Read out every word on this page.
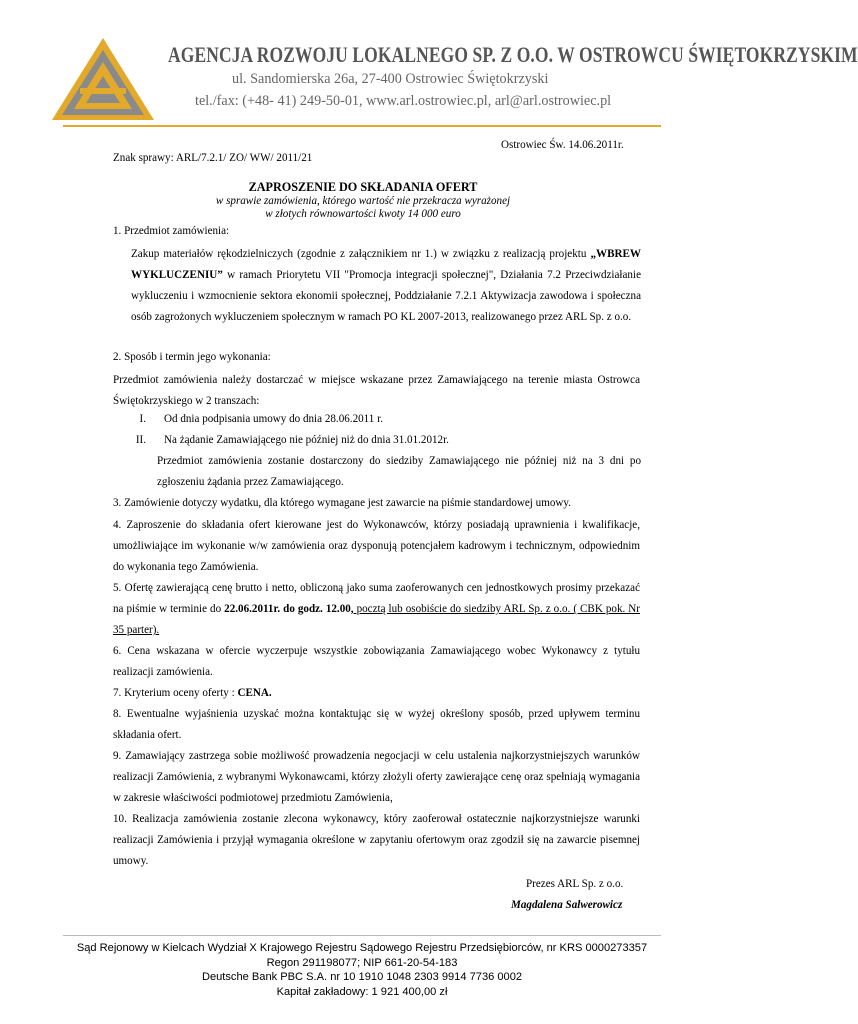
AGENCJA ROZWOJU LOKALNEGO SP. Z O.O. W OSTROWCU ŚWIĘTOKRZYSKIM
ul. Sandomierska 26a, 27-400 Ostrowiec Świętokrzyski
tel./fax: (+48- 41) 249-50-01, www.arl.ostrowiec.pl, arl@arl.ostrowiec.pl
Ostrowiec Św. 14.06.2011r.
Znak sprawy: ARL/7.2.1/ ZO/ WW/ 2011/21
ZAPROSZENIE DO SKŁADANIA OFERT
w sprawie zamówienia, którego wartość nie przekracza wyrażonej
w złotych równowartości kwoty 14 000 euro
1. Przedmiot zamówienia:
Zakup materiałów rękodzielniczych (zgodnie z załącznikiem nr 1.) w związku z realizacją projektu „WBREW WYKLUCZENIU” w ramach Priorytetu VII "Promocja integracji społecznej", Działania 7.2 Przeciwdziałanie wykluczeniu i wzmocnienie sektora ekonomii społecznej, Poddziałanie 7.2.1 Aktywizacja zawodowa i społeczna osób zagrożonych wykluczeniem społecznym w ramach PO KL 2007-2013, realizowanego przez ARL Sp. z o.o.
2. Sposób i termin jego wykonania:
Przedmiot zamówienia należy dostarczać w miejsce wskazane przez Zamawiającego na terenie miasta Ostrowca Świętokrzyskiego w 2 transzach:
I. Od dnia podpisania umowy do dnia 28.06.2011 r.
II. Na żądanie Zamawiającego nie później niż do dnia 31.01.2012r.
Przedmiot zamówienia zostanie dostarczony do siedziby Zamawiającego nie później niż na 3 dni po zgłoszeniu żądania przez Zamawiającego.
3. Zamówienie dotyczy wydatku, dla którego wymagane jest zawarcie na piśmie standardowej umowy.
4. Zaproszenie do składania ofert kierowane jest do Wykonawców, którzy posiadają uprawnienia i kwalifikacje, umożliwiające im wykonanie w/w zamówienia oraz dysponują potencjałem kadrowym i technicznym, odpowiednim do wykonania tego Zamówienia.
5. Ofertę zawierającą cenę brutto i netto, obliczoną jako suma zaoferowanych cen jednostkowych prosimy przekazać na piśmie w terminie do 22.06.2011r. do godz. 12.00, pocztą lub osobiście do siedziby ARL Sp. z o.o. ( CBK pok. Nr 35 parter).
6. Cena wskazana w ofercie wyczerpuje wszystkie zobowiązania Zamawiającego wobec Wykonawcy z tytułu realizacji zamówienia.
7. Kryterium oceny oferty : CENA.
8. Ewentualne wyjaśnienia uzyskać można kontaktując się w wyżej określony sposób, przed upływem terminu składania ofert.
9. Zamawiający zastrzega sobie możliwość prowadzenia negocjacji w celu ustalenia najkorzystniejszych warunków realizacji Zamówienia, z wybranymi Wykonawcami, którzy złożyli oferty zawierające cenę oraz spełniają wymagania w zakresie właściwości podmiotowej przedmiotu Zamówienia,
10. Realizacja zamówienia zostanie zlecona wykonawcy, który zaoferował ostatecznie najkorzystniejsze warunki realizacji Zamówienia i przyjął wymagania określone w zapytaniu ofertowym oraz zgodził się na zawarcie pisemnej umowy.
Prezes ARL Sp. z o.o.
Magdalena Salwerowicz
Sąd Rejonowy w Kielcach Wydział X Krajowego Rejestru Sądowego Rejestru Przedsiębiorców, nr KRS 0000273357
Regon 291198077; NIP 661-20-54-183
Deutsche Bank PBC S.A. nr 10 1910 1048 2303 9914 7736 0002
Kapitał zakładowy: 1 921 400,00 zł
